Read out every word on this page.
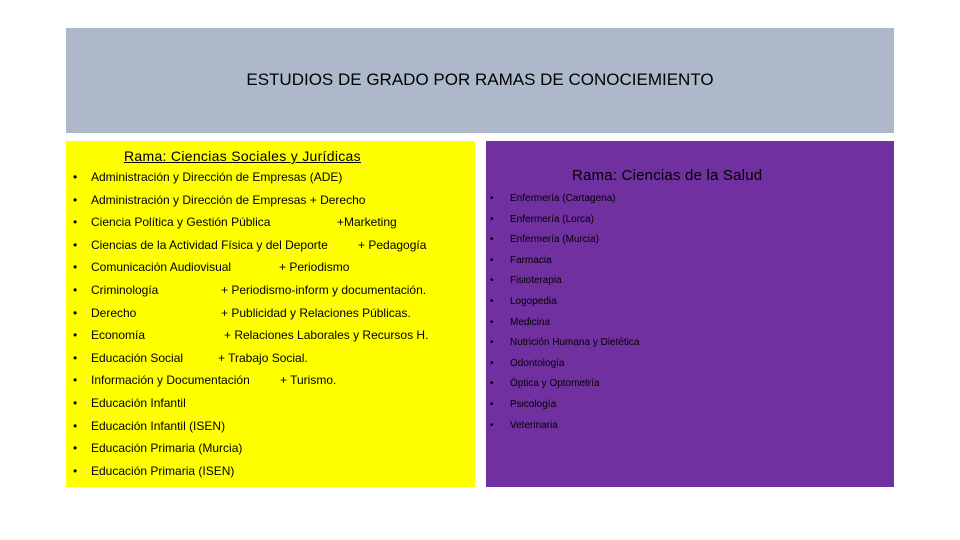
ESTUDIOS DE GRADO POR RAMAS DE CONOCIEMIENTO
Rama: Ciencias Sociales y Jurídicas
Rama: Ciencias de la Salud
• Administración y Dirección de Empresas (ADE)
• Administración y Dirección de Empresas + Derecho
• Ciencia Política y Gestión Pública	+Marketing
• Ciencias de la Actividad Física y del Deporte	+ Pedagogía
• Comunicación Audiovisual	+ Periodismo
• Criminología	+ Periodismo-inform y documentación.
• Derecho	+ Publicidad y Relaciones Públicas.
• Economía	+ Relaciones Laborales y Recursos H.
• Educación Social	+ Trabajo Social.
• Información y Documentación	+ Turismo.
• Educación Infantil
• Educación Infantil (ISEN)
• Educación Primaria (Murcia)
• Educación Primaria (ISEN)
• Enfermería (Cartagena)
• Enfermería (Lorca)
• Enfermería (Murcia)
• Farmacia
• Fisioterapia
• Logopedia
• Medicina
• Nutrición Humana y Dietética
• Odontología
• Óptica y Optometría
• Psicología
• Veterinaria
